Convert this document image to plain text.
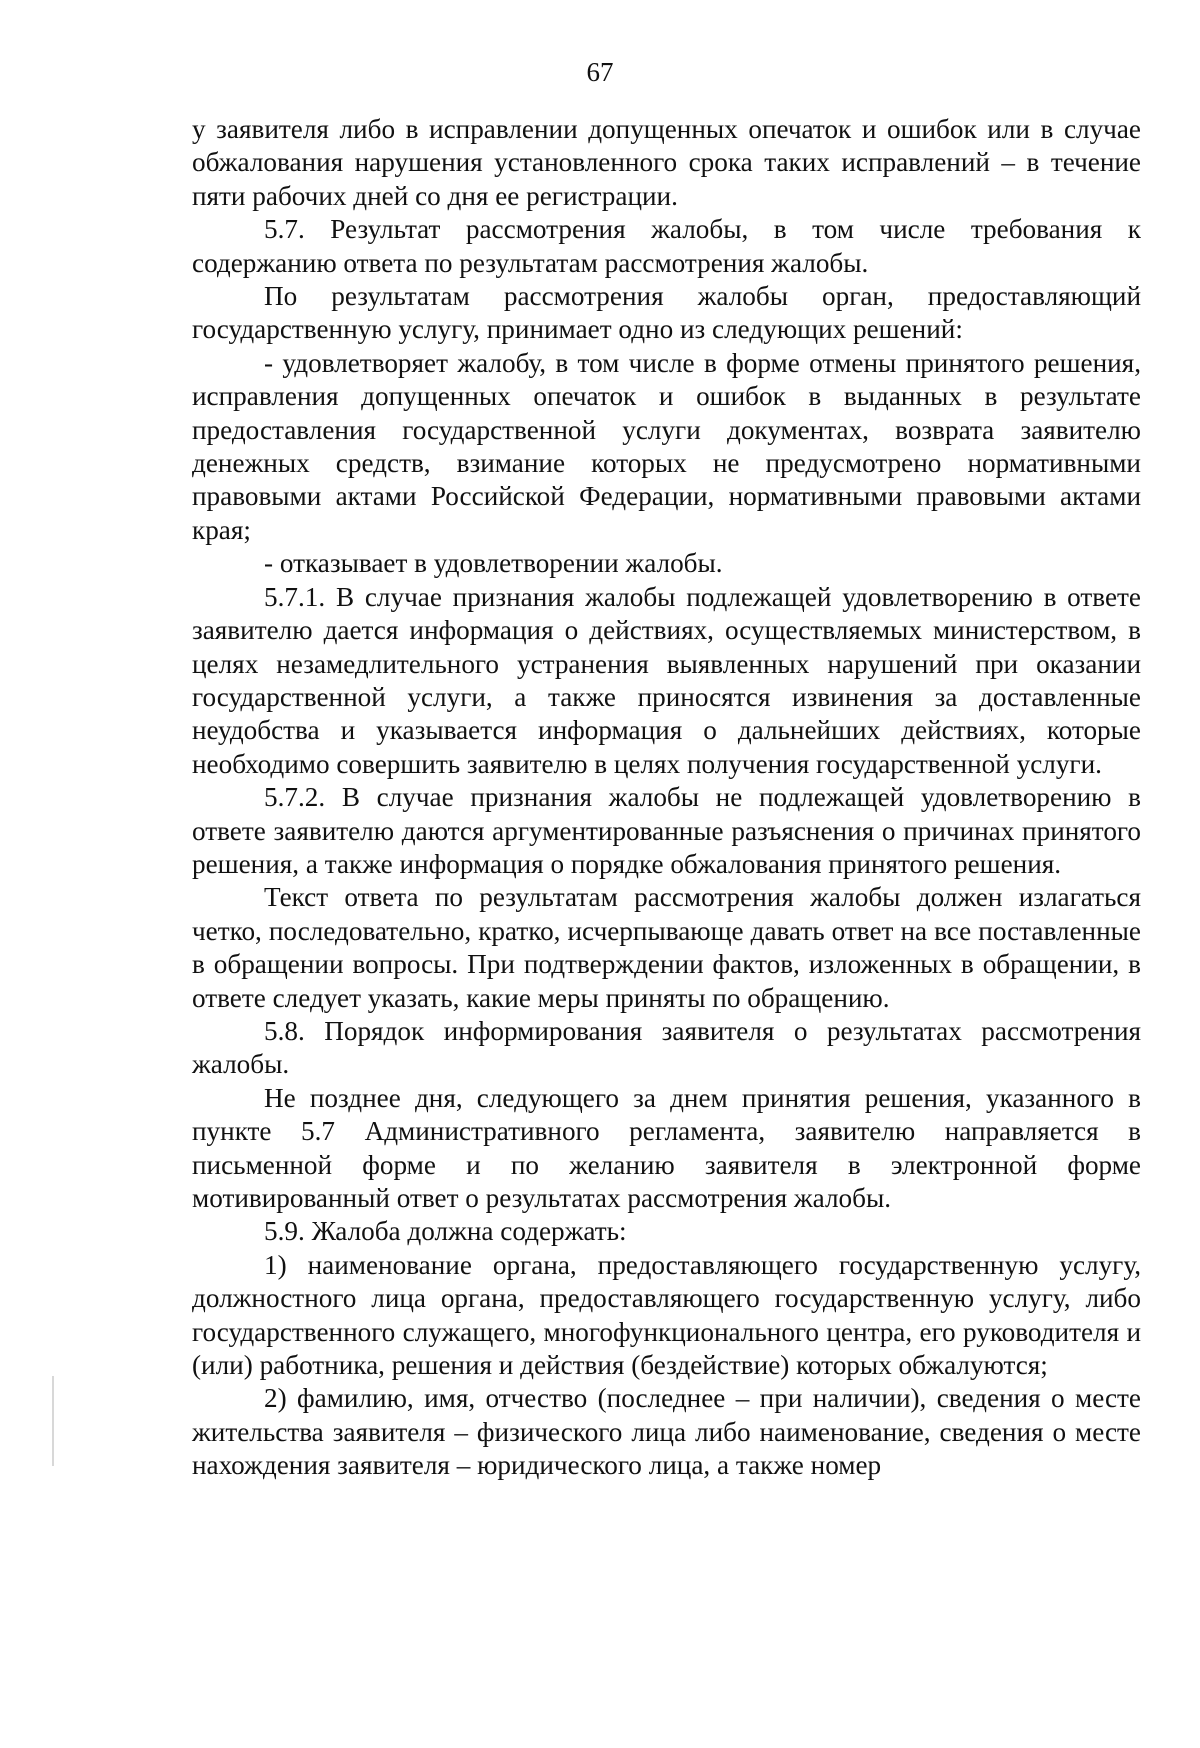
67

у заявителя либо в исправлении допущенных опечаток и ошибок или в случае обжалования нарушения установленного срока таких исправлений – в течение пяти рабочих дней со дня ее регистрации.

5.7. Результат рассмотрения жалобы, в том числе требования к содержанию ответа по результатам рассмотрения жалобы.

По результатам рассмотрения жалобы орган, предоставляющий государственную услугу, принимает одно из следующих решений:

- удовлетворяет жалобу, в том числе в форме отмены принятого решения, исправления допущенных опечаток и ошибок в выданных в результате предоставления государственной услуги документах, возврата заявителю денежных средств, взимание которых не предусмотрено нормативными правовыми актами Российской Федерации, нормативными правовыми актами края;

- отказывает в удовлетворении жалобы.

5.7.1. В случае признания жалобы подлежащей удовлетворению в ответе заявителю дается информация о действиях, осуществляемых министерством, в целях незамедлительного устранения выявленных нарушений при оказании государственной услуги, а также приносятся извинения за доставленные неудобства и указывается информация о дальнейших действиях, которые необходимо совершить заявителю в целях получения государственной услуги.

5.7.2. В случае признания жалобы не подлежащей удовлетворению в ответе заявителю даются аргументированные разъяснения о причинах принятого решения, а также информация о порядке обжалования принятого решения.

Текст ответа по результатам рассмотрения жалобы должен излагаться четко, последовательно, кратко, исчерпывающе давать ответ на все поставленные в обращении вопросы. При подтверждении фактов, изложенных в обращении, в ответе следует указать, какие меры приняты по обращению.

5.8. Порядок информирования заявителя о результатах рассмотрения жалобы.

Не позднее дня, следующего за днем принятия решения, указанного в пункте 5.7 Административного регламента, заявителю направляется в письменной форме и по желанию заявителя в электронной форме мотивированный ответ о результатах рассмотрения жалобы.

5.9. Жалоба должна содержать:

1) наименование органа, предоставляющего государственную услугу, должностного лица органа, предоставляющего государственную услугу, либо государственного служащего, многофункционального центра, его руководителя и (или) работника, решения и действия (бездействие) которых обжалуются;

2) фамилию, имя, отчество (последнее – при наличии), сведения о месте жительства заявителя – физического лица либо наименование, сведения о месте нахождения заявителя – юридического лица, а также номер
